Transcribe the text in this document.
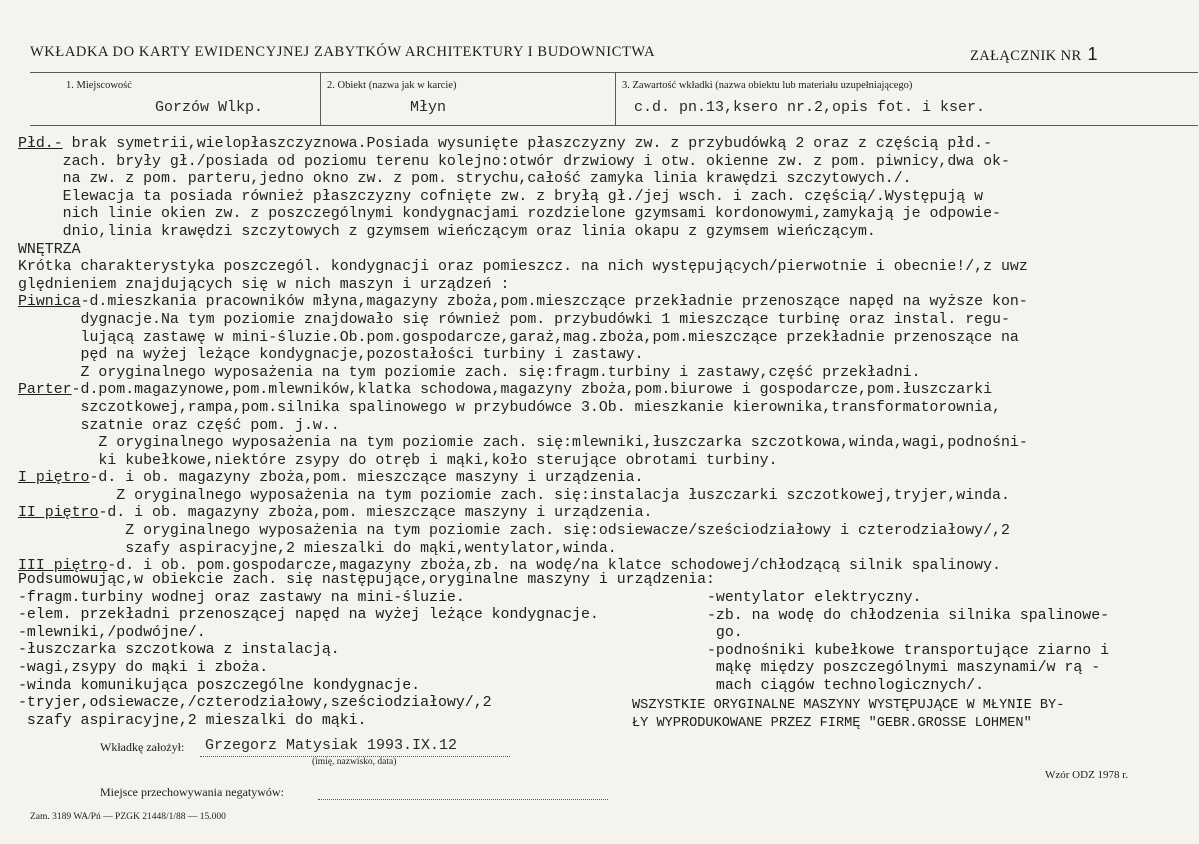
WKŁADKA DO KARTY EWIDENCYJNEJ ZABYTKÓW ARCHITEKTURY I BUDOWNICTWA	ZAŁĄCZNIK NR 1
1. Miejscowość
Gorzów Wlkp.
2. Obiekt (nazwa jak w karcie)
Młyn
3. Zawartość wkładki (nazwa obiektu lub materiału uzupełniającego)
c.d. pn.13,ksero nr.2,opis fot. i kser.
Płd.- brak symetrii,wielopłaszczyznowa.Posiada wysunięte płaszczyzny zw. z przybudówką 2 oraz z częścią płd.-
zach. bryły gł./posiada od poziomu terenu kolejno:otwór drzwiowy i otw. okienne zw. z pom. piwnicy,dwa ok-
na zw. z pom. parteru,jedno okno zw. z pom. strychu,całość zamyka linia krawędzi szczytowych./.
Elewacja ta posiada również płaszczyzny cofnięte zw. z bryłą gł./jej wsch. i zach. częścią/.Występują w
nich linie okien zw. z poszczególnymi kondygnacjami rozdzielone gzymsami kordonowymi,zamykają je odpowie-
dnio,linia krawędzi szczytowych z gzymsem wieńczącym oraz linia okapu z gzymsem wieńczącym.
WNĘTRZA
Krótka charakterystyka poszczegól. kondygnacji oraz pomieszcz. na nich występujących/pierwotnie i obecnie!/,z uwz
ględnieniem znajdujących się w nich maszyn i urządzeń :
Piwnica-d.mieszkania pracowników młyna,magazyny zboża,pom.mieszczące przekładnie przenoszące napęd na wyższe kon-
dygnacje.Na tym poziomie znajdowało się również pom. przybudówki 1 mieszczące turbinę oraz instal. regu-
lującą zastawę w mini-śluzie.Ob.pom.gospodarcze,garaż,mag.zboża,pom.mieszczące przekładnie przenoszące na
pęd na wyżej leżące kondygnacje,pozostałości turbiny i zastawy.
Z oryginalnego wyposażenia na tym poziomie zach. się:fragm.turbiny i zastawy,część przekładni.
Parter-d.pom.magazynowe,pom.mlewników,klatka schodowa,magazyny zboża,pom.biurowe i gospodarcze,pom.łuszczarki
szczotkowej,rampa,pom.silnika spalinowego w przybudówce 3.Ob. mieszkanie kierownika,transformatorownia,
szatnie oraz część pom. j.w..
Z oryginalnego wyposażenia na tym poziomie zach. się:mlewniki,łuszczarka szczotkowa,winda,wagi,podnośni-
ki kubełkowe,niektóre zsypy do otręb i mąki,koło sterujące obrotami turbiny.
I piętro-d. i ob. magazyny zboża,pom. mieszczące maszyny i urządzenia.
Z oryginalnego wyposażenia na tym poziomie zach. się:instalacja łuszczarki szczotkowej,tryjer,winda.
II piętro-d. i ob. magazyny zboża,pom. mieszczące maszyny i urządzenia.
Z oryginalnego wyposażenia na tym poziomie zach. się:odsiewacze/sześciodziałowy i czterodziałowy/,2
szafy aspiracyjne,2 mieszalki do mąki,wentylator,winda.
III piętro-d. i ob. pom.gospodarcze,magazyny zboża,zb. na wodę/na klatce schodowej/chłodzącą silnik spalinowy.
Podsumowując,w obiekcie zach. się następujące,oryginalne maszyny i urządzenia:
-fragm.turbiny wodnej oraz zastawy na mini-śluzie.
-elem. przekładni przenoszącej napęd na wyżej leżące kondygnacje.
-mlewniki,/podwójne/.
-łuszczarka szczotkowa z instalacją.
-wagi,zsypy do mąki i zboża.
-winda komunikująca poszczególne kondygnacje.
-tryjer,odsiewacze,/czterodziałowy,sześciodziałowy/,2
szafy aspiracyjne,2 mieszalki do mąki.
-wentylator elektryczny.
-zb. na wodę do chłodzenia silnika spalinowe-
go.
-podnośniki kubełkowe transportujące ziarno i
mąkę między poszczególnymi maszynami/w rą -
mach ciągów technologicznych/.
WSZYSTKIE ORYGINALNE MASZYNY WYSTĘPUJĄCE W MŁYNIE BY-
ŁY WYPRODUKOWANE PRZEZ FIRMĘ "GEBR.GROSSE LOHMEN"
Wkładkę założył: Grzegorz Matysiak 1993.IX.12
(imię, nazwisko, data)
Miejsce przechowywania negatywów:
Wzór ODZ 1978 r.
Zam. 3189 WA/Pń — PZGK 21448/1/88 — 15.000
